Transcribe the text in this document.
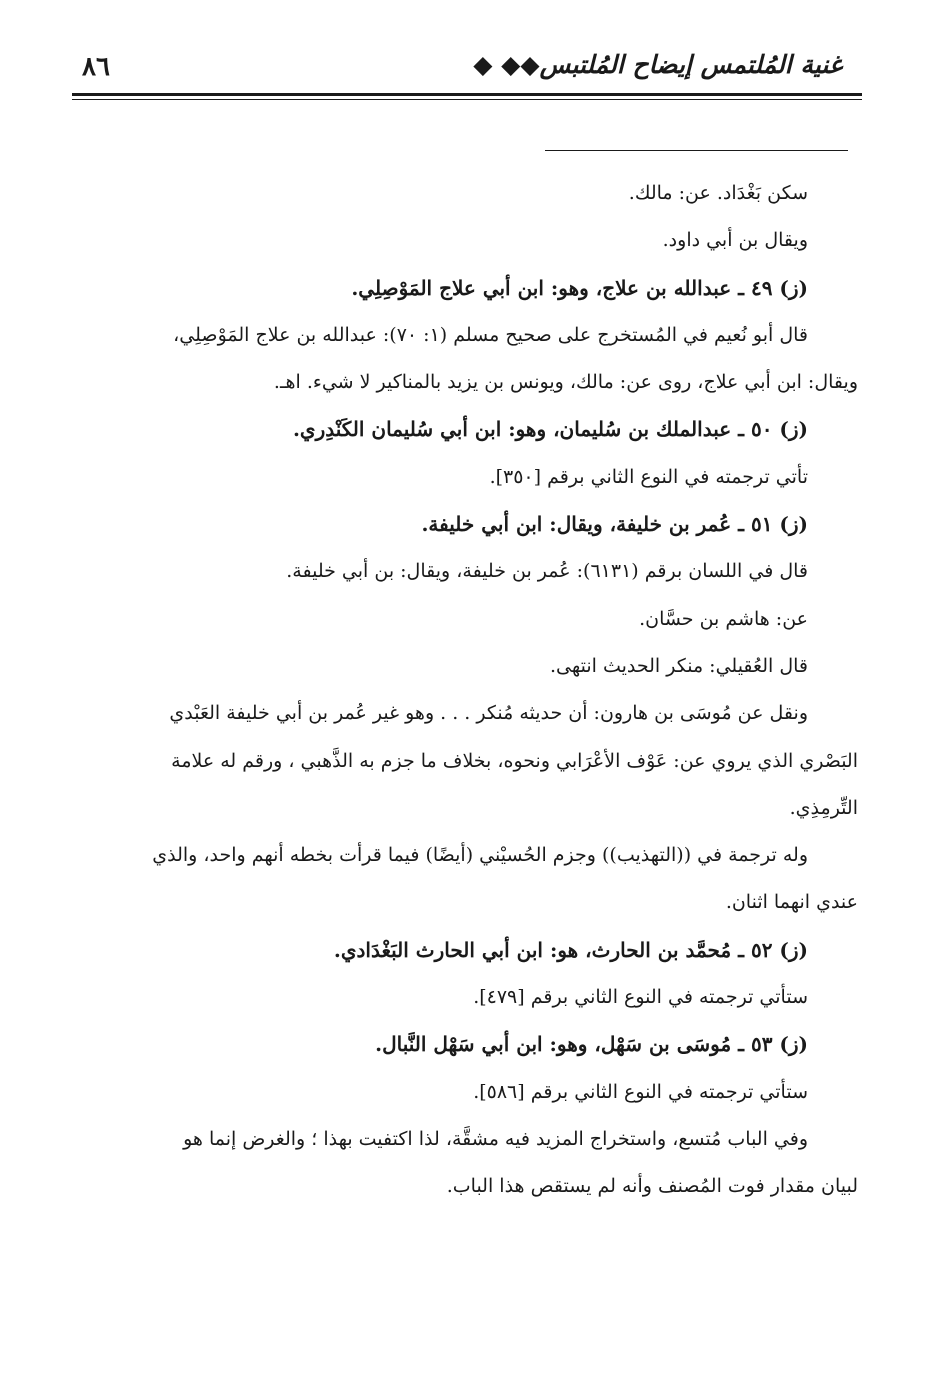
غنية المُلتمس إيضاح المُلتبس◆◆ ◆
٨٦
سكن بَغْدَاد. عن: مالك.
ويقال بن أبي داود.
(ز) ٤٩ ـ عبدالله بن علاج، وهو: ابن أبي علاج المَوْصِلِي.
قال أبو نُعيم في المُستخرج على صحيح مسلم (١: ٧٠): عبدالله بن علاج المَوْصِلِي،
ويقال: ابن أبي علاج، روى عن: مالك، ويونس بن يزيد بالمناكير لا شيء. اهـ.
(ز) ٥٠ ـ عبدالملك بن سُليمان، وهو: ابن أبي سُليمان الكَنْدِري.
تأتي ترجمته في النوع الثاني برقم [٣٥٠].
(ز) ٥١ ـ عُمر بن خليفة، ويقال: ابن أبي خليفة.
قال في اللسان برقم (٦١٣١): عُمر بن خليفة، ويقال: بن أبي خليفة.
عن: هاشم بن حسَّان.
قال العُقيلي: منكر الحديث انتهى.
ونقل عن مُوسَى بن هارون: أن حديثه مُنكر . . . وهو غير عُمر بن أبي خليفة العَبْدي
البَصْري الذي يروي عن: عَوْف الأعْرَابي ونحوه، بخلاف ما جزم به الذَّهبي ، ورقم له علامة
التِّرمِذِي.
وله ترجمة في ((التهذيب)) وجزم الحُسيْني (أيضًا) فيما قرأت بخطه أنهم واحد، والذي
عندي انهما اثنان.
(ز) ٥٢ ـ مُحمَّد بن الحارث، هو: ابن أبي الحارث البَغْدَادي.
ستأتي ترجمته في النوع الثاني برقم [٤٧٩].
(ز) ٥٣ ـ مُوسَى بن سَهْل، وهو: ابن أبي سَهْل النَّبال.
ستأتي ترجمته في النوع الثاني برقم [٥٨٦].
وفي الباب مُتسع، واستخراج المزيد فيه مشقَّة، لذا اكتفيت بهذا ؛ والغرض إنما هو
لبيان مقدار فوت المُصنف وأنه لم يستقص هذا الباب.
